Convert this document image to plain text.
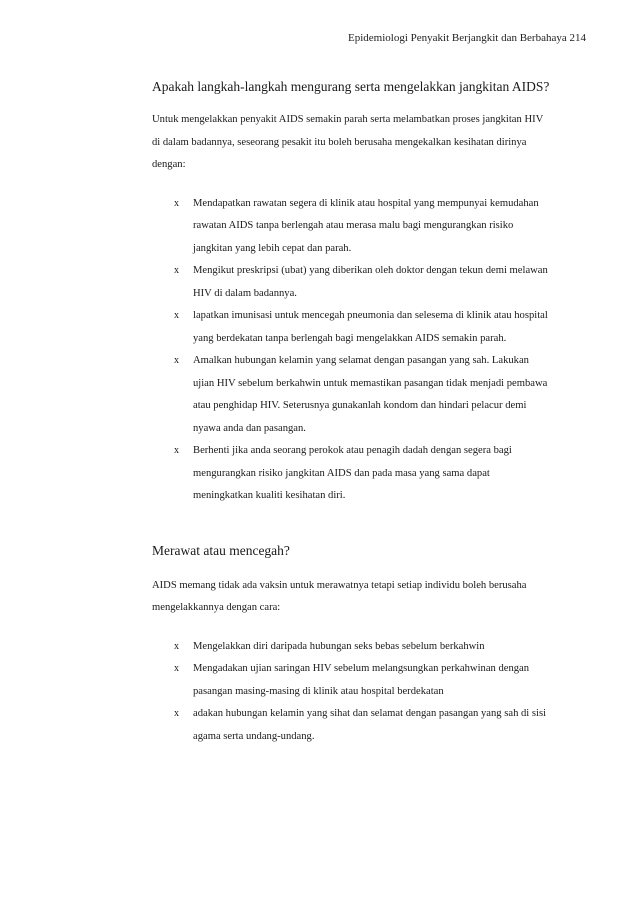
Epidemiologi Penyakit Berjangkit dan Berbahaya 214
Apakah langkah-langkah mengurang serta mengelakkan jangkitan AIDS?

Untuk mengelakkan penyakit AIDS semakin parah serta melambatkan proses jangkitan HIV di dalam badannya, seseorang pesakit itu boleh berusaha mengekalkan kesihatan dirinya dengan:

x Mendapatkan rawatan segera di klinik atau hospital yang mempunyai kemudahan rawatan AIDS tanpa berlengah atau merasa malu bagi mengurangkan risiko jangkitan yang lebih cepat dan parah.
x Mengikut preskripsi (ubat) yang diberikan oleh doktor dengan tekun demi melawan HIV di dalam badannya.
x lapatkan imunisasi untuk mencegah pneumonia dan selesema di klinik atau hospital yang berdekatan tanpa berlengah bagi mengelakkan AIDS semakin parah.
x Amalkan hubungan kelamin yang selamat dengan pasangan yang sah. Lakukan ujian HIV sebelum berkahwin untuk memastikan pasangan tidak menjadi pembawa atau penghidap HIV. Seterusnya gunakanlah kondom dan hindari pelacur demi nyawa anda dan pasangan.
x Berhenti jika anda seorang perokok atau penagih dadah dengan segera bagi mengurangkan risiko jangkitan AIDS dan pada masa yang sama dapat meningkatkan kualiti kesihatan diri.
Merawat atau mencegah?

AIDS memang tidak ada vaksin untuk merawatnya tetapi setiap individu boleh berusaha mengelakkannya dengan cara:

x Mengelakkan diri daripada hubungan seks bebas sebelum berkahwin
x Mengadakan ujian saringan HIV sebelum melangsungkan perkahwinan dengan pasangan masing-masing di klinik atau hospital berdekatan
x adakan hubungan kelamin yang sihat dan selamat dengan pasangan yang sah di sisi agama serta undang-undang.
